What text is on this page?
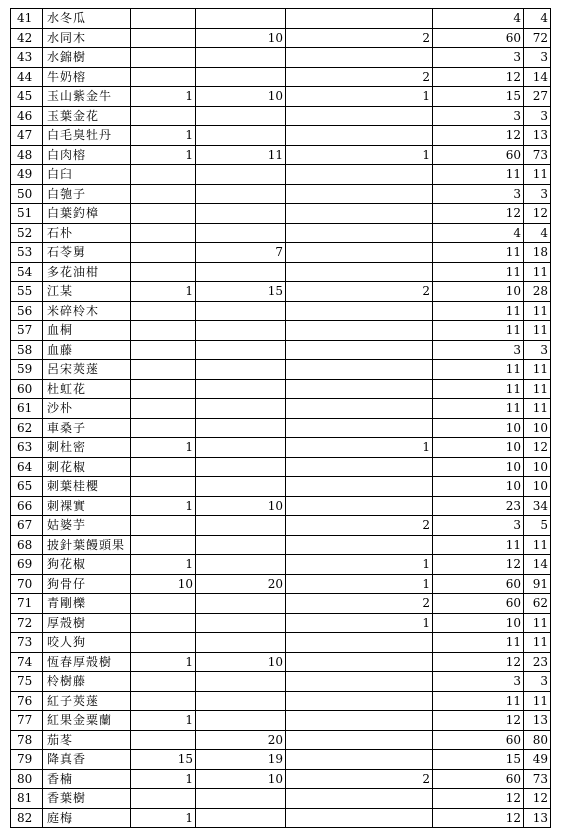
41	水冬瓜				4	4
42	水同木		10	2	60	72
43	水錦樹				3	3
44	牛奶榕			2	12	14
45	玉山紫金牛	1	10	1	15	27
46	玉葉金花				3	3
47	白毛臭牡丹	1			12	13
48	白肉榕	1	11	1	60	73
49	白臼				11	11
50	白匏子				3	3
51	白葉釣樟				12	12
52	石朴				4	4
53	石苓舅		7		11	18
54	多花油柑				11	11
55	江某	1	15	2	10	28
56	米碎柃木				11	11
57	血桐				11	11
58	血藤				3	3
59	呂宋莢蒾				11	11
60	杜虹花				11	11
61	沙朴				11	11
62	車桑子				10	10
63	刺杜密	1		1	10	12
64	刺花椒				10	10
65	刺葉桂櫻				10	10
66	刺裸實	1	10		23	34
67	姑婆芋			2	3	5
68	披針葉饅頭果				11	11
69	狗花椒	1		1	12	14
70	狗骨仔	10	20	1	60	91
71	青剛櫟			2	60	62
72	厚殼樹			1	10	11
73	咬人狗				11	11
74	恆春厚殼樹	1	10		12	23
75	柃樹藤				3	3
76	紅子莢蒾				11	11
77	紅果金粟蘭	1			12	13
78	茄苳		20		60	80
79	降真香	15	19		15	49
80	香楠	1	10	2	60	73
81	香葉樹				12	12
82	庭梅	1			12	13
